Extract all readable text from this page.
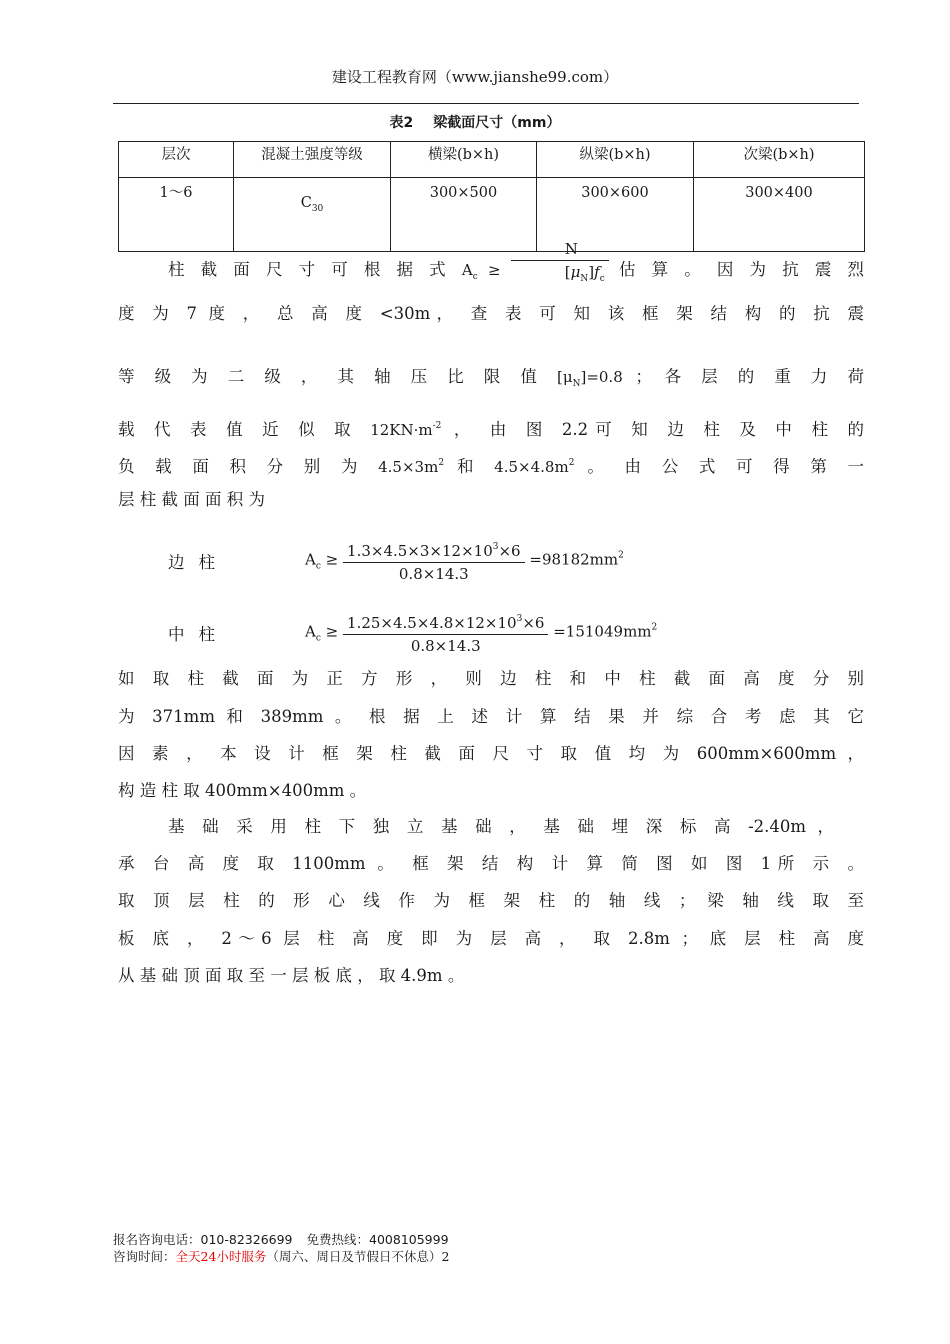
建设工程教育网（www.jianshe99.com）
表2 梁截面尺寸（mm）
层次	混凝土强度等级	横梁(b×h)	纵梁(b×h)	次梁(b×h)
1～6	$C_{30}$	300×500	300×600	300×400
柱 截 面 尺 寸 可 根 据 式 $A_c \ge \frac{N}{[\mu_N]f_c}$ 估 算 。 因 为 抗 震 烈
度 为 7 度 ， 总 高 度 <30m， 查 表 可 知 该 框 架 结 构 的 抗 震
等 级 为 二 级 ， 其 轴 压 比 限 值 $[\mu_N]=0.8$ ； 各 层 的 重 力 荷
载 代 表 值 近 似 取 $12KN\cdot m^{-2}$ ， 由 图 2.2可 知 边 柱 及 中 柱 的
负 载 面 积 分 别 为 $4.5\times 3m^2$ 和 $4.5\times 4.8m^2$ 。 由 公 式 可 得 第 一
层 柱 截 面 面 积 为
边柱	$A_c \ge \frac{1.3\times 4.5\times 3\times 12\times 10^3\times 6}{0.8\times 14.3} =98182mm^2$
中柱	$A_c \ge \frac{1.25\times 4.5\times 4.8\times 12\times 10^3\times 6}{0.8\times 14.3} =151049mm^2$
如 取 柱 截 面 为 正 方 形 ， 则 边 柱 和 中 柱 截 面 高 度 分 别
为 371mm 和 389mm 。 根 据 上 述 计 算 结 果 并 综 合 考 虑 其 它
因 素 ， 本 设 计 框 架 柱 截 面 尺 寸 取 值 均 为 600mm×600mm ，
构 造 柱 取 400mm×400mm 。
基 础 采 用 柱 下 独 立 基 础 ， 基 础 埋 深 标 高 -2.40m ，
承 台 高 度 取 1100mm 。 框 架 结 构 计 算 简 图 如 图 1所 示 。
取 顶 层 柱 的 形 心 线 作 为 框 架 柱 的 轴 线 ； 梁 轴 线 取 至
板 底 ， 2～6 层 柱 高 度 即 为 层 高 ， 取 2.8m ； 底 层 柱 高 度
从 基 础 顶 面 取 至 一 层 板 底 ， 取 4.9m 。
报名咨询电话：010-82326699 免费热线：4008105999
咨询时间：全天24小时服务（周六、周日及节假日不休息）2
